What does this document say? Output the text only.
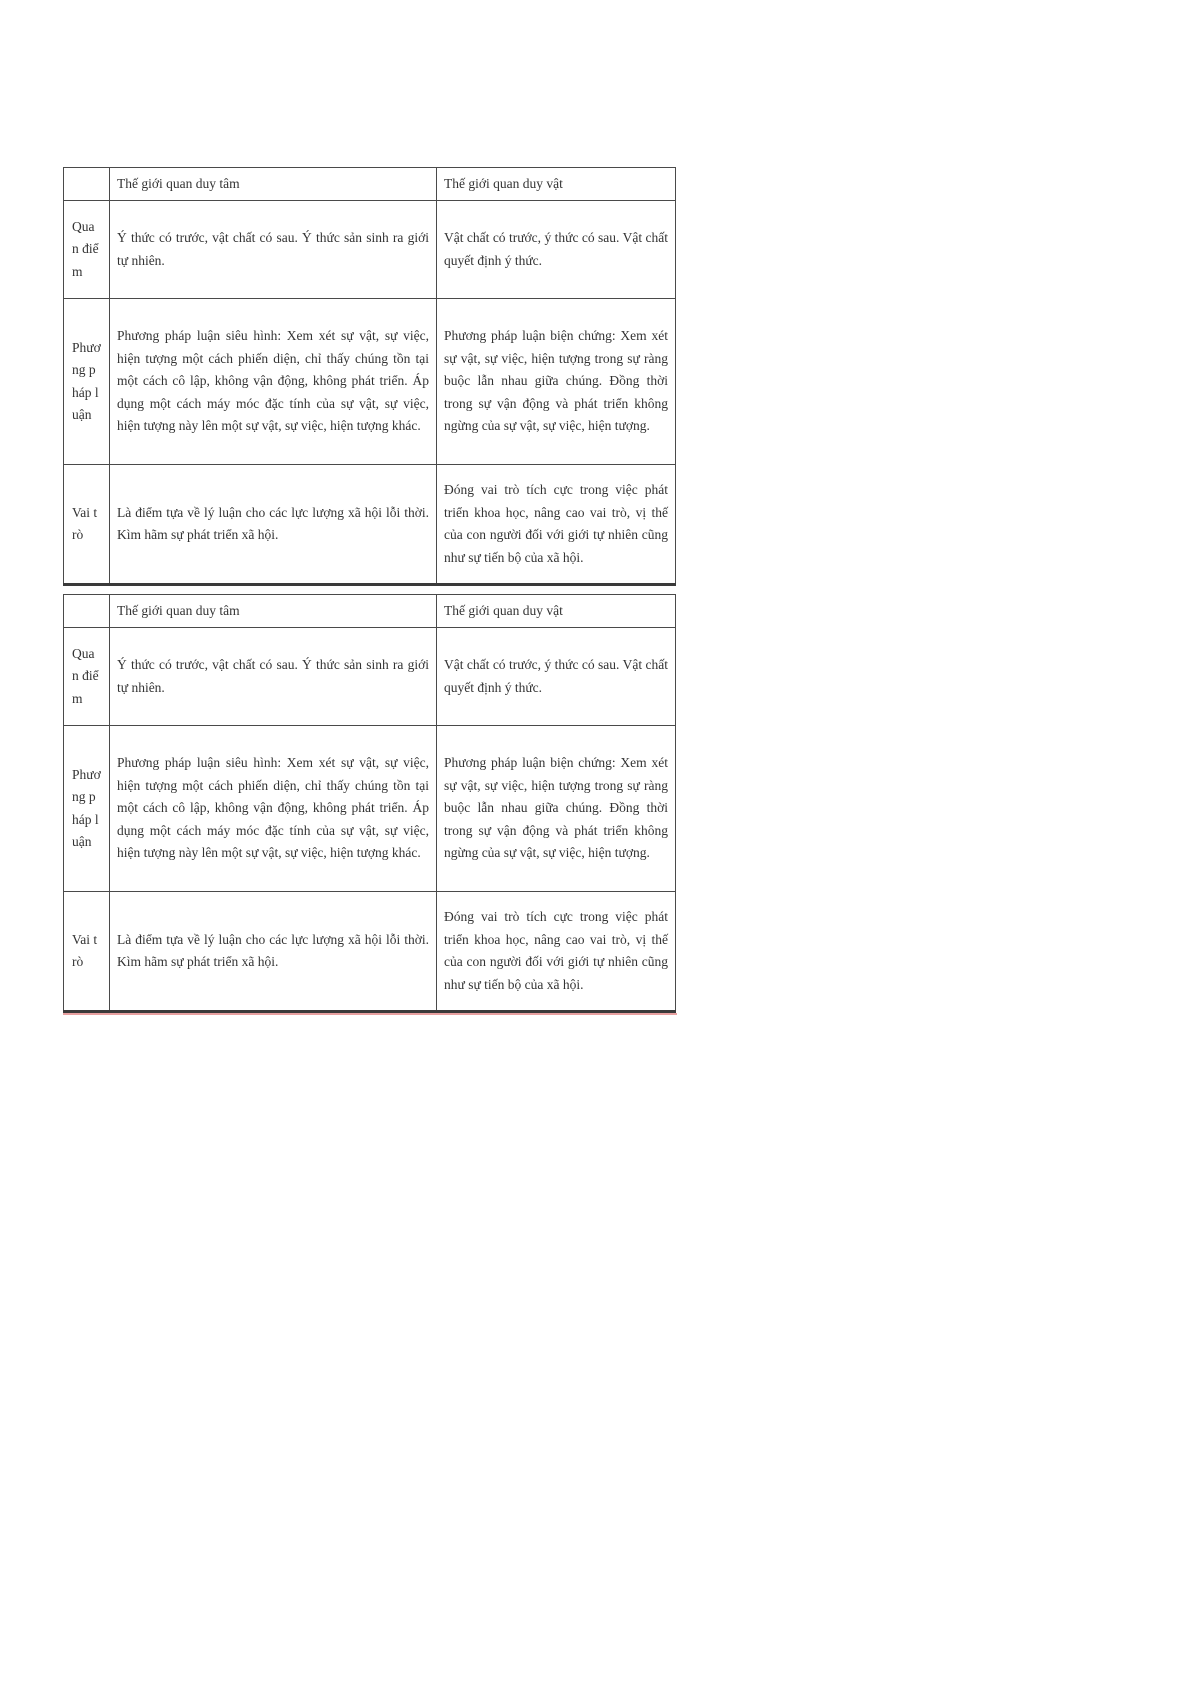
	Thế giới quan duy tâm	Thế giới quan duy vật
Quan điểm	Ý thức có trước, vật chất có sau. Ý thức sản sinh ra giới tự nhiên.	Vật chất có trước, ý thức có sau. Vật chất quyết định ý thức.
Phương pháp luận	Phương pháp luận siêu hình: Xem xét sự vật, sự việc, hiện tượng một cách phiến diện, chỉ thấy chúng tồn tại một cách cô lập, không vận động, không phát triển. Áp dụng một cách máy móc đặc tính của sự vật, sự việc, hiện tượng này lên một sự vật, sự việc, hiện tượng khác.	Phương pháp luận biện chứng: Xem xét sự vật, sự việc, hiện tượng trong sự ràng buộc lẫn nhau giữa chúng. Đồng thời trong sự vận động và phát triển không ngừng của sự vật, sự việc, hiện tượng.
Vai trò	Là điểm tựa về lý luận cho các lực lượng xã hội lỗi thời. Kìm hãm sự phát triển xã hội.	Đóng vai trò tích cực trong việc phát triển khoa học, nâng cao vai trò, vị thế của con người đối với giới tự nhiên cũng như sự tiến bộ của xã hội.
	Thế giới quan duy tâm	Thế giới quan duy vật
Quan điểm	Ý thức có trước, vật chất có sau. Ý thức sản sinh ra giới tự nhiên.	Vật chất có trước, ý thức có sau. Vật chất quyết định ý thức.
Phương pháp luận	Phương pháp luận siêu hình: Xem xét sự vật, sự việc, hiện tượng một cách phiến diện, chỉ thấy chúng tồn tại một cách cô lập, không vận động, không phát triển. Áp dụng một cách máy móc đặc tính của sự vật, sự việc, hiện tượng này lên một sự vật, sự việc, hiện tượng khác.	Phương pháp luận biện chứng: Xem xét sự vật, sự việc, hiện tượng trong sự ràng buộc lẫn nhau giữa chúng. Đồng thời trong sự vận động và phát triển không ngừng của sự vật, sự việc, hiện tượng.
Vai trò	Là điểm tựa về lý luận cho các lực lượng xã hội lỗi thời. Kìm hãm sự phát triển xã hội.	Đóng vai trò tích cực trong việc phát triển khoa học, nâng cao vai trò, vị thế của con người đối với giới tự nhiên cũng như sự tiến bộ của xã hội.
